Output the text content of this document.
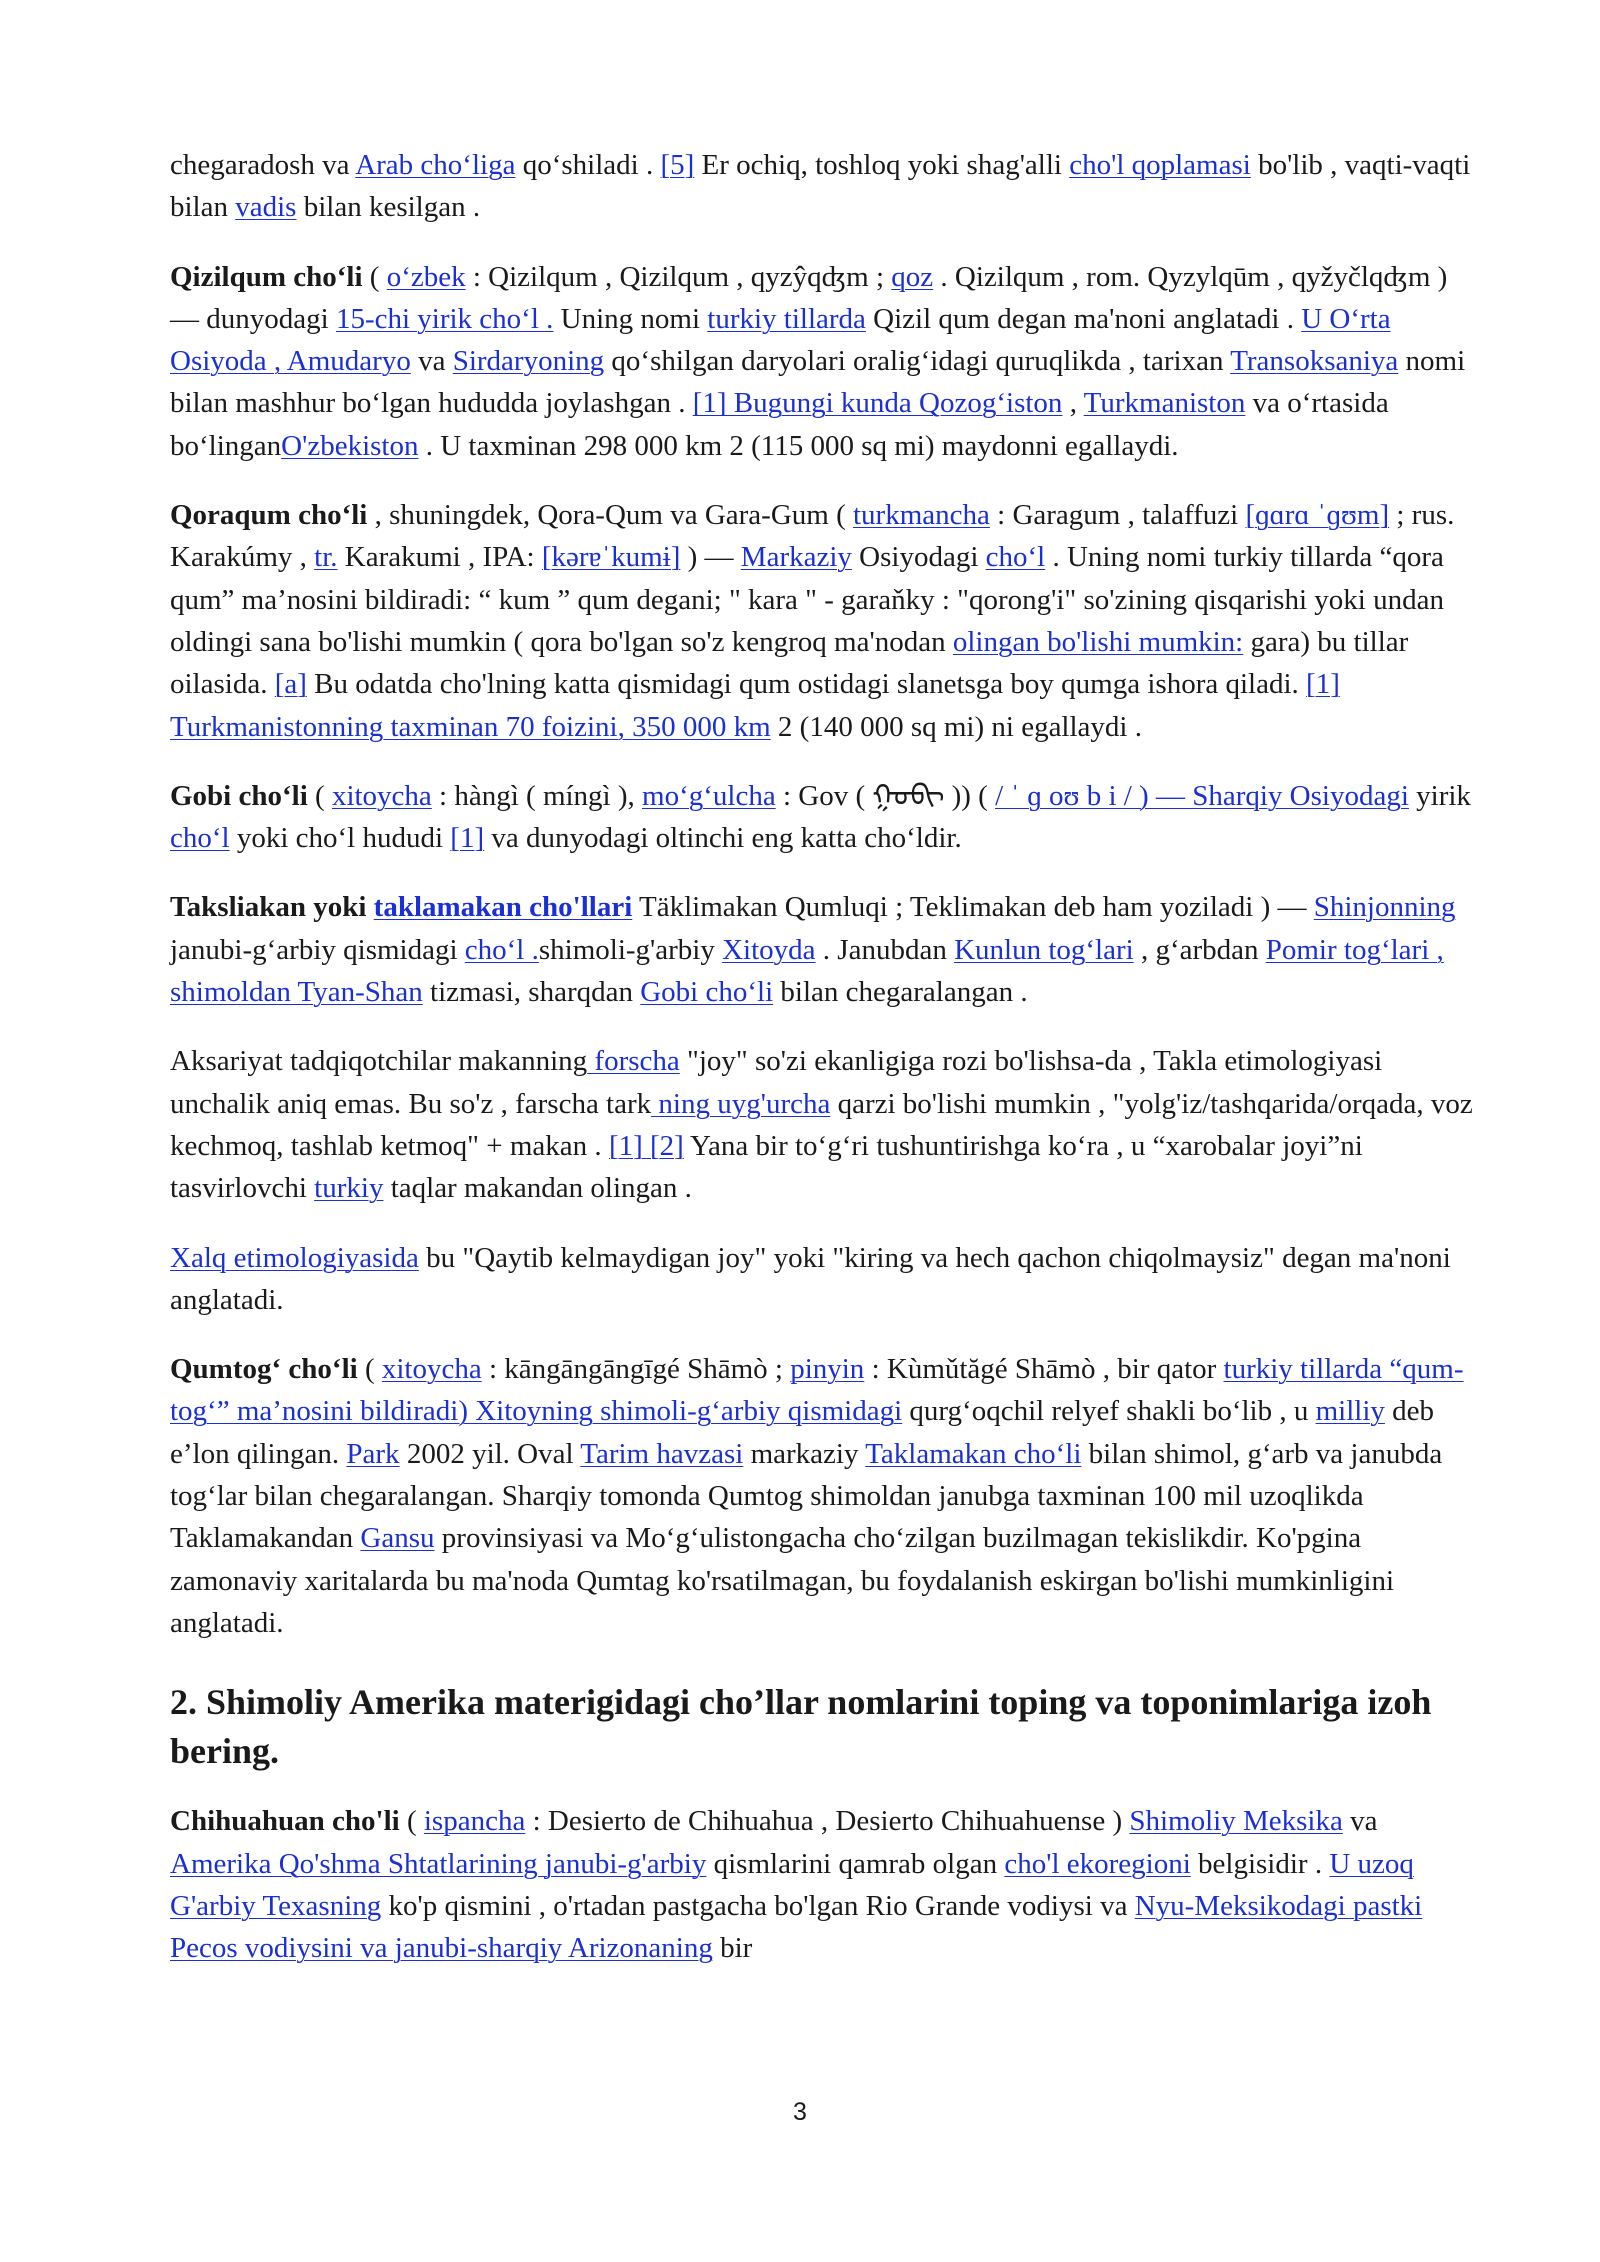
chegaradosh va Arab cho‘liga qo‘shiladi . [5] Er ochiq, toshloq yoki shag'alli cho'l qoplamasi bo'lib , vaqti-vaqti bilan vadis bilan kesilgan .

Qizilqum cho‘li ( o‘zbek : Qizilqum , Qizilqum , qyzŷqʤm ; qoz . Qizilqum , rom. Qyzylqūm , qyžyčlqʤm ) — dunyodagi 15-chi yirik cho‘l . Uning nomi turkiy tillarda Qizil qum degan ma'noni anglatadi . U O‘rta Osiyoda , Amudaryo va Sirdaryoning qo‘shilgan daryolari oralig‘idagi quruqlikda , tarixan Transoksaniya nomi bilan mashhur bo‘lgan hududda joylashgan . [1] Bugungi kunda Qozog‘iston , Turkmaniston va o‘rtasida bo‘linganO'zbekiston . U taxminan 298 000 km 2 (115 000 sq mi) maydonni egallaydi.

Qoraqum cho‘li , shuningdek, Qora-Qum va Gara-Gum ( turkmancha : Garagum , talaffuzi [ɡɑrɑ ˈɡʊm] ; rus. Karakúmy , tr. Karakumi , IPA: [kərɐˈkumɨ] ) — Markaziy Osiyodagi cho‘l . Uning nomi turkiy tillarda “qora qum” ma’nosini bildiradi: “ kum ” qum degani; " kara " - garaňky : "qorong'i" so'zining qisqarishi yoki undan oldingi sana bo'lishi mumkin ( qora bo'lgan so'z kengroq ma'nodan olingan bo'lishi mumkin: gara) bu tillar oilasida. [a] Bu odatda cho'lning katta qismidagi qum ostidagi slanetsga boy qumga ishora qiladi. [1] Turkmanistonning taxminan 70 foizini, 350 000 km 2 (140 000 sq mi) ni egallaydi .

Gobi cho‘li ( xitoycha : hàngì ( míngì ), mo‘g‘ulcha : Gov ( ᠭᠣᠪᠢ )) ( / ˈ ɡ oʊ b i / ) — Sharqiy Osiyodagi yirik cho‘l yoki cho‘l hududi [1] va dunyodagi oltinchi eng katta cho‘ldir.

Taksliakan yoki taklamakan cho'llari Täklimakan Qumluqi ; Teklimakan deb ham yoziladi ) — Shinjonning janubi-g‘arbiy qismidagi cho‘l .shimoli-g'arbiy Xitoyda . Janubdan Kunlun tog‘lari , g‘arbdan Pomir tog‘lari , shimoldan Tyan-Shan tizmasi, sharqdan Gobi cho‘li bilan chegaralangan .

Aksariyat tadqiqotchilar makanning forscha "joy" so'zi ekanligiga rozi bo'lishsa-da , Takla etimologiyasi unchalik aniq emas. Bu so'z , farscha tark ning uyg'urcha qarzi bo'lishi mumkin , "yolg'iz/tashqarida/orqada, voz kechmoq, tashlab ketmoq" + makan . [1] [2] Yana bir to‘g‘ri tushuntirishga ko‘ra , u “xarobalar joyi”ni tasvirlovchi turkiy taqlar makandan olingan .

Xalq etimologiyasida bu "Qaytib kelmaydigan joy" yoki "kiring va hech qachon chiqolmaysiz" degan ma'noni anglatadi.

Qumtog‘ cho‘li ( xitoycha : kāngāngāngīgé Shāmò ; pinyin : Kùmǔtăgé Shāmò , bir qator turkiy tillarda “qum-tog‘” ma’nosini bildiradi) Xitoyning shimoli-g‘arbiy qismidagi qurg‘oqchil relyef shakli bo‘lib , u milliy deb e’lon qilingan. Park 2002 yil. Oval Tarim havzasi markaziy Taklamakan cho‘li bilan shimol, g‘arb va janubda tog‘lar bilan chegaralangan. Sharqiy tomonda Qumtog shimoldan janubga taxminan 100 mil uzoqlikda Taklamakandan Gansu provinsiyasi va Mo‘g‘ulistongacha cho‘zilgan buzilmagan tekislikdir. Ko'pgina zamonaviy xaritalarda bu ma'noda Qumtag ko'rsatilmagan, bu foydalanish eskirgan bo'lishi mumkinligini anglatadi.

2. Shimoliy Amerika materigidagi cho’llar nomlarini toping va toponimlariga izoh bering.

Chihuahuan cho'li ( ispancha : Desierto de Chihuahua , Desierto Chihuahuense ) Shimoliy Meksika va Amerika Qo'shma Shtatlarining janubi-g'arbiy qismlarini qamrab olgan cho'l ekoregioni belgisidir . U uzoq G'arbiy Texasning ko'p qismini , o'rtadan pastgacha bo'lgan Rio Grande vodiysi va Nyu-Meksikodagi pastki Pecos vodiysini va janubi-sharqiy Arizonaning bir

3
